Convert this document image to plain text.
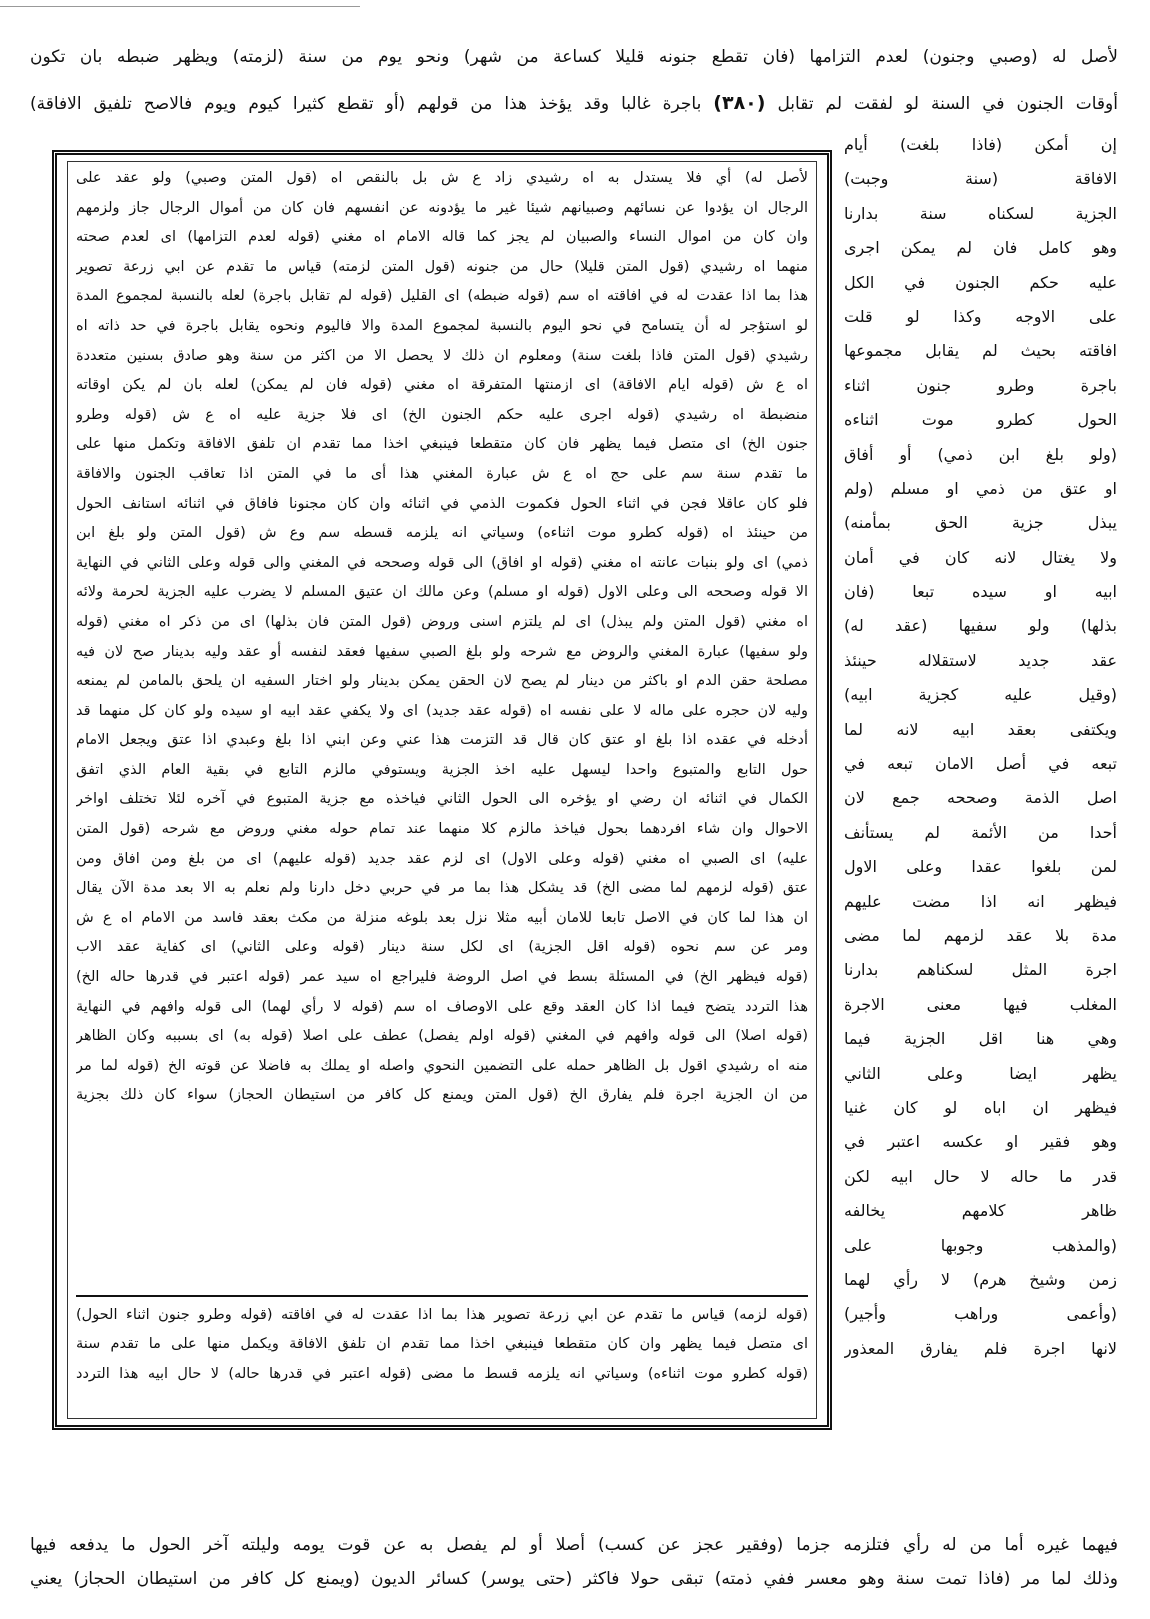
لأصل له (وصبي وجنون) لعدم التزامها (فان تقطع جنونه قليلا كساعة من شهر) ونحو يوم من سنة (لزمته) ويظهر ضبطه بان تكون
أوقات الجنون في السنة لو لفقت لم تقابل (٣٨٠) باجرة غالبا وقد يؤخذ هذا من قولهم (أو تقطع كثيرا كيوم ويوم فالاصح تلفيق الافاقة)
إن أمكن (فاذا بلغت) أيام
الافاقة (سنة وجبت)
الجزية لسكناه سنة بدارنا
وهو كامل فان لم يمكن اجرى
عليه حكم الجنون في الكل
على الاوجه وكذا لو قلت
افاقته بحيث لم يقابل مجموعها
باجرة وطرو جنون اثناء
الحول كطرو موت اثناءه
(ولو بلغ ابن ذمي) أو أفاق
او عتق من ذمي او مسلم (ولم
يبذل جزية الحق بمأمنه)
ولا يغتال لانه كان في أمان
ابيه او سيده تبعا (فان
بذلها) ولو سفيها (عقد له)
عقد جديد لاستقلاله حينئذ
(وقيل عليه كجزية ابيه)
ويكتفى بعقد ابيه لانه لما
تبعه في أصل الامان تبعه في
اصل الذمة وصححه جمع لان
أحدا من الأئمة لم يستأنف
لمن بلغوا عقدا وعلى الاول
فيظهر انه اذا مضت عليهم
مدة بلا عقد لزمهم لما مضى
اجرة المثل لسكناهم بدارنا
المغلب فيها معنى الاجرة
وهي هنا اقل الجزية فيما
يظهر ايضا وعلى الثاني
فيظهر ان اباه لو كان غنيا
وهو فقير او عكسه اعتبر في
قدر ما حاله لا حال ابيه لكن
ظاهر كلامهم يخالفه
(والمذهب وجوبها على
زمن وشيخ هرم) لا رأي لهما
(وأعمى وراهب وأجير)
لانها اجرة فلم يفارق المعذور
لأصل له) أي فلا يستدل به اه رشيدي زاد ع ش بل بالنقص اه (قول المتن وصبي) ولو عقد على
الرجال ان يؤدوا عن نسائهم وصبيانهم شيئا غير ما يؤدونه عن انفسهم فان كان من أموال الرجال جاز ولزمهم
وان كان من اموال النساء والصبيان لم يجز كما قاله الامام اه مغني (قوله لعدم التزامها) اى لعدم صحته
منهما اه رشيدي (قول المتن قليلا) حال من جنونه (قول المتن لزمته) قياس ما تقدم عن ابي زرعة تصوير
هذا بما اذا عقدت له في افاقته اه سم (قوله ضبطه) اى القليل (قوله لم تقابل باجرة) لعله بالنسبة لمجموع المدة
لو استؤجر له أن يتسامح في نحو اليوم بالنسبة لمجموع المدة والا فاليوم ونحوه يقابل باجرة في حد ذاته اه
رشيدي (قول المتن فاذا بلغت سنة) ومعلوم ان ذلك لا يحصل الا من اكثر من سنة وهو صادق بسنين متعددة
اه ع ش (قوله ايام الافاقة) اى ازمنتها المتفرقة اه مغني (قوله فان لم يمكن) لعله بان لم يكن اوقاته
منضبطة اه رشيدي (قوله اجرى عليه حكم الجنون الخ) اى فلا جزية عليه اه ع ش (قوله وطرو
جنون الخ) اى متصل فيما يظهر فان كان متقطعا فينبغي اخذا مما تقدم ان تلفق الافاقة وتكمل منها على
ما تقدم سنة سم على حج اه ع ش عبارة المغني هذا أى ما في المتن اذا تعاقب الجنون والافاقة
فلو كان عاقلا فجن في اثناء الحول فكموت الذمي في اثنائه وان كان مجنونا فافاق في اثنائه استانف الحول
من حينئذ اه (قوله كطرو موت اثناءه) وسياتي انه يلزمه قسطه سم وع ش (قول المتن ولو بلغ ابن
ذمي) اى ولو بنبات عانته اه مغني (قوله او افاق) الى قوله وصححه في المغني والى قوله وعلى الثاني في النهاية
الا قوله وصححه الى وعلى الاول (قوله او مسلم) وعن مالك ان عتيق المسلم لا يضرب عليه الجزية لحرمة ولائه
اه مغني (قول المتن ولم يبذل) اى لم يلتزم اسنى وروض (قول المتن فان بذلها) اى من ذكر اه مغني (قوله
ولو سفيها) عبارة المغني والروض مع شرحه ولو بلغ الصبي سفيها فعقد لنفسه أو عقد وليه بدينار صح لان فيه
مصلحة حقن الدم او باكثر من دينار لم يصح لان الحقن يمكن بدينار ولو اختار السفيه ان يلحق بالمامن لم يمنعه
وليه لان حجره على ماله لا على نفسه اه (قوله عقد جديد) اى ولا يكفي عقد ابيه او سيده ولو كان كل منهما قد
أدخله في عقده اذا بلغ او عتق كان قال قد التزمت هذا عني وعن ابني اذا بلغ وعبدي اذا عتق ويجعل الامام
حول التابع والمتبوع واحدا ليسهل عليه اخذ الجزية ويستوفي مالزم التابع في بقية العام الذي اتفق
الكمال في اثنائه ان رضي او يؤخره الى الحول الثاني فياخذه مع جزية المتبوع في آخره لئلا تختلف اواخر
الاحوال وان شاء افردهما بحول فياخذ مالزم كلا منهما عند تمام حوله مغني وروض مع شرحه (قول المتن
عليه) اى الصبي اه مغني (قوله وعلى الاول) اى لزم عقد جديد (قوله عليهم) اى من بلغ ومن افاق ومن
عتق (قوله لزمهم لما مضى الخ) قد يشكل هذا بما مر في حربي دخل دارنا ولم نعلم به الا بعد مدة الآن يقال
ان هذا لما كان في الاصل تابعا للامان أبيه مثلا نزل بعد بلوغه منزلة من مكث بعقد فاسد من الامام اه ع ش
ومر عن سم نحوه (قوله اقل الجزية) اى لكل سنة دينار (قوله وعلى الثاني) اى كفاية عقد الاب
(قوله فيظهر الخ) في المسئلة بسط في اصل الروضة فليراجع اه سيد عمر (قوله اعتبر في قدرها حاله الخ)
هذا التردد يتضح فيما اذا كان العقد وقع على الاوصاف اه سم (قوله لا رأي لهما) الى قوله وافهم في النهاية
(قوله اصلا) الى قوله وافهم في المغني (قوله اولم يفصل) عطف على اصلا (قوله به) اى بسببه وكان الظاهر
منه اه رشيدي اقول بل الظاهر حمله على التضمين النحوي واصله او يملك به فاضلا عن قوته الخ (قوله لما مر
من ان الجزية اجرة فلم يفارق الخ (قول المتن ويمنع كل كافر من استيطان الحجاز) سواء كان ذلك بجزية
(قوله لزمه) قياس ما تقدم عن ابي زرعة تصوير هذا بما اذا عقدت له في افاقته (قوله وطرو جنون اثناء الحول)
اى متصل فيما يظهر وان كان متقطعا فينبغي اخذا مما تقدم ان تلفق الافاقة ويكمل منها على ما تقدم سنة
(قوله كطرو موت اثناءه) وسياتي انه يلزمه قسط ما مضى (قوله اعتبر في قدرها حاله) لا حال ابيه هذا التردد
فيهما غيره أما من له رأي فتلزمه جزما (وفقير عجز عن كسب) أصلا أو لم يفصل به عن قوت يومه وليلته آخر الحول ما يدفعه فيها
وذلك لما مر (فاذا تمت سنة وهو معسر ففي ذمته) تبقى حولا فاكثر (حتى يوسر) كسائر الديون (ويمنع كل كافر من استيطان الحجاز) يعني
